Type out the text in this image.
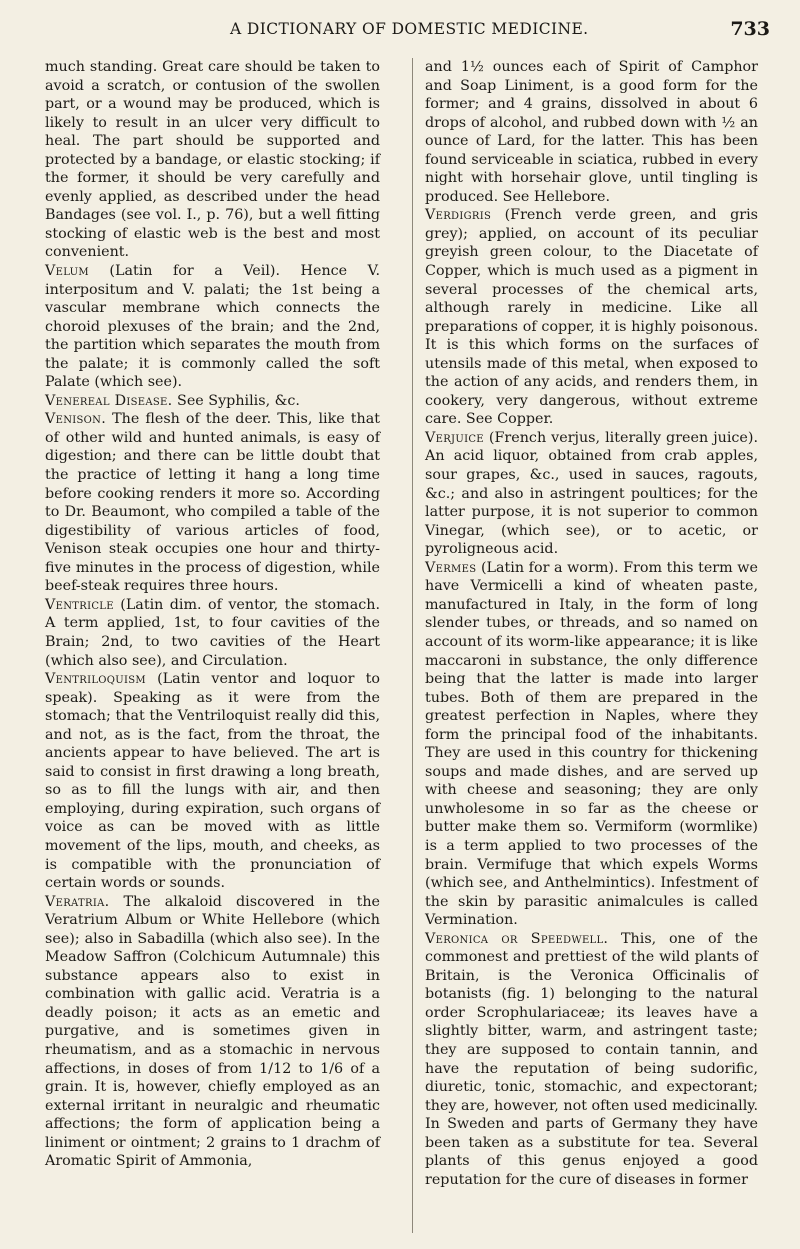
A DICTIONARY OF DOMESTIC MEDICINE.	733

much standing. Great care should be taken to avoid a scratch, or contusion of the swollen part, or a wound may be produced, which is likely to result in an ulcer very difficult to heal. The part should be supported and protected by a bandage, or elastic stocking; if the former, it should be very carefully and evenly applied, as described under the head Bandages (see vol. I., p. 76), but a well fitting stocking of elastic web is the best and most convenient.

Velum (Latin for a Veil). Hence V. interpositum and V. palati; the 1st being a vascular membrane which connects the choroid plexuses of the brain; and the 2nd, the partition which separates the mouth from the palate; it is commonly called the soft Palate (which see).

Venereal Disease. See Syphilis, &c.

Venison. The flesh of the deer. This, like that of other wild and hunted animals, is easy of digestion; and there can be little doubt that the practice of letting it hang a long time before cooking renders it more so. According to Dr. Beaumont, who compiled a table of the digestibility of various articles of food, Venison steak occupies one hour and thirty-five minutes in the process of digestion, while beef-steak requires three hours.

Ventricle (Latin dim. of ventor, the stomach. A term applied, 1st, to four cavities of the Brain; 2nd, to two cavities of the Heart (which also see), and Circulation.

Ventriloquism (Latin ventor and loquor to speak). Speaking as it were from the stomach; that the Ventriloquist really did this, and not, as is the fact, from the throat, the ancients appear to have believed. The art is said to consist in first drawing a long breath, so as to fill the lungs with air, and then employing, during expiration, such organs of voice as can be moved with as little movement of the lips, mouth, and cheeks, as is compatible with the pronunciation of certain words or sounds.

Veratria. The alkaloid discovered in the Veratrium Album or White Hellebore (which see); also in Sabadilla (which also see). In the Meadow Saffron (Colchicum Autumnale) this substance appears also to exist in combination with gallic acid. Veratria is a deadly poison; it acts as an emetic and purgative, and is sometimes given in rheumatism, and as a stomachic in nervous affections, in doses of from 1/12 to 1/6 of a grain. It is, however, chiefly employed as an external irritant in neuralgic and rheumatic affections; the form of application being a liniment or ointment; 2 grains to 1 drachm of Aromatic Spirit of Ammonia,

and 1½ ounces each of Spirit of Camphor and Soap Liniment, is a good form for the former; and 4 grains, dissolved in about 6 drops of alcohol, and rubbed down with ½ an ounce of Lard, for the latter. This has been found serviceable in sciatica, rubbed in every night with horsehair glove, until tingling is produced. See Hellebore.

Verdigris (French verde green, and gris grey); applied, on account of its peculiar greyish green colour, to the Diacetate of Copper, which is much used as a pigment in several processes of the chemical arts, although rarely in medicine. Like all preparations of copper, it is highly poisonous. It is this which forms on the surfaces of utensils made of this metal, when exposed to the action of any acids, and renders them, in cookery, very dangerous, without extreme care. See Copper.

Verjuice (French verjus, literally green juice). An acid liquor, obtained from crab apples, sour grapes, &c., used in sauces, ragouts, &c.; and also in astringent poultices; for the latter purpose, it is not superior to common Vinegar, (which see), or to acetic, or pyroligneous acid.

Vermes (Latin for a worm). From this term we have Vermicelli a kind of wheaten paste, manufactured in Italy, in the form of long slender tubes, or threads, and so named on account of its worm-like appearance; it is like maccaroni in substance, the only difference being that the latter is made into larger tubes. Both of them are prepared in the greatest perfection in Naples, where they form the principal food of the inhabitants. They are used in this country for thickening soups and made dishes, and are served up with cheese and seasoning; they are only unwholesome in so far as the cheese or butter make them so. Vermiform (wormlike) is a term applied to two processes of the brain. Vermifuge that which expels Worms (which see, and Anthelmintics). Infestment of the skin by parasitic animalcules is called Vermination.

Veronica or Speedwell. This, one of the commonest and prettiest of the wild plants of Britain, is the Veronica Officinalis of botanists (fig. 1) belonging to the natural order Scrophulariaceæ; its leaves have a slightly bitter, warm, and astringent taste; they are supposed to contain tannin, and have the reputation of being sudorific, diuretic, tonic, stomachic, and expectorant; they are, however, not often used medicinally. In Sweden and parts of Germany they have been taken as a substitute for tea. Several plants of this genus enjoyed a good reputation for the cure of diseases in former
